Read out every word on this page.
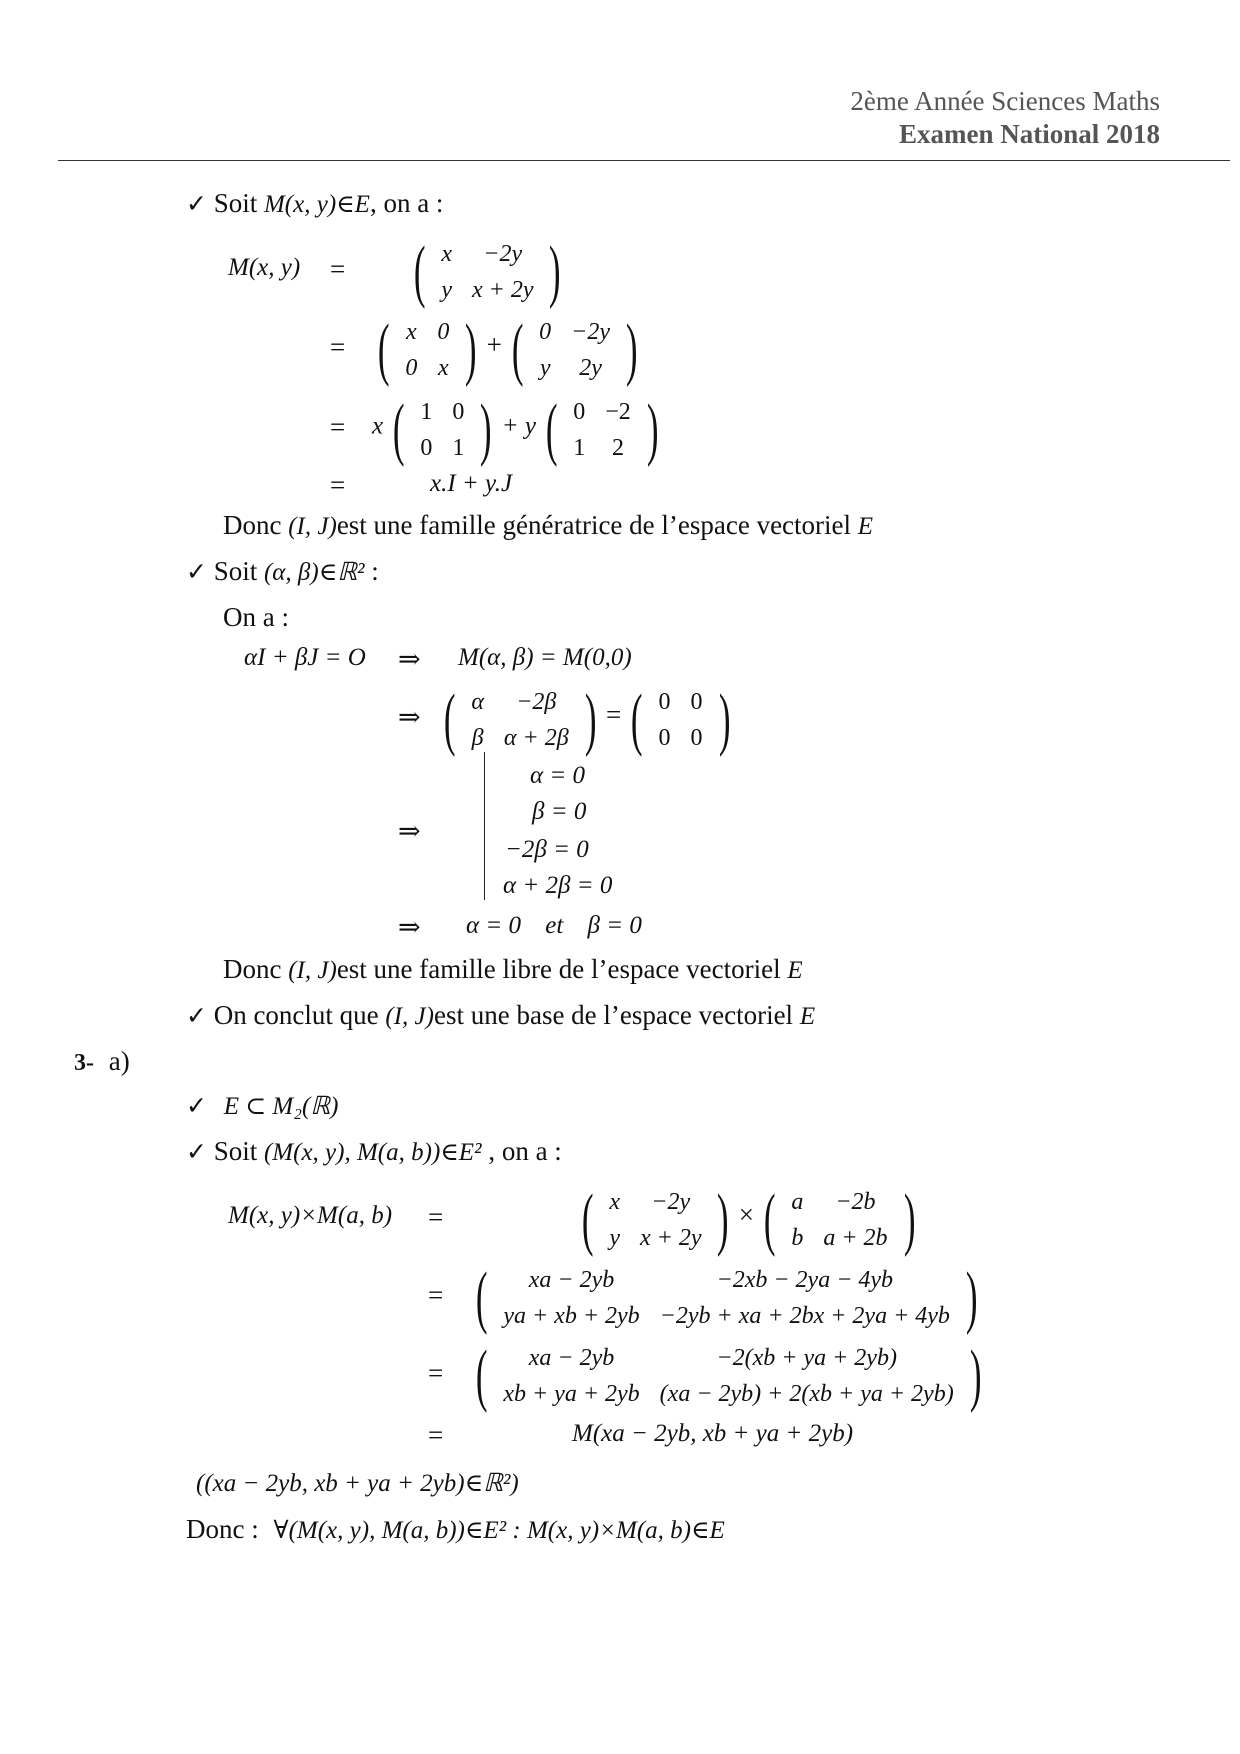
2ème Année Sciences Maths
Examen National 2018
✓ Soit M(x, y)∈E, on a :
M(x, y) = ( x	−2y
y	x + 2y )
= ( x	0
0	x ) + ( 0	−2y
y	2y )
= x ( 1	0
0	1 ) + y ( 0	−2
1	2 )
=	x.I + y.J
Donc (I, J)est une famille génératrice de l’espace vectoriel E
✓ Soit (α, β)∈ℝ² :
On a :
αI + βJ = O ⇒ M(α, β) = M(0,0)
⇒ ( α	−2β
β	α + 2β ) = ( 0	0
0	0 )
⇒
α = 0
β = 0
−2β = 0
α + 2β = 0
⇒ α = 0 et β = 0
Donc (I, J)est une famille libre de l’espace vectoriel E
✓ On conclut que (I, J)est une base de l’espace vectoriel E
3- a)
✓ E ⊂ M₂(ℝ)
✓ Soit (M(x, y), M(a, b))∈E² , on a :
M(x, y)×M(a, b) = ( x	−2y
y	x + 2y ) × ( a	−2b
b	a + 2b )
= ( xa − 2yb	−2xb − 2ya − 4yb
ya + xb + 2yb	−2yb + xa + 2bx + 2ya + 4yb )
= ( xa − 2yb	−2(xb + ya + 2yb)
xb + ya + 2yb	(xa − 2yb) + 2(xb + ya + 2yb) )
=	M(xa − 2yb, xb + ya + 2yb)
((xa − 2yb, xb + ya + 2yb)∈ℝ²)
Donc : ∀(M(x, y), M(a, b))∈E² : M(x, y)×M(a, b)∈E
